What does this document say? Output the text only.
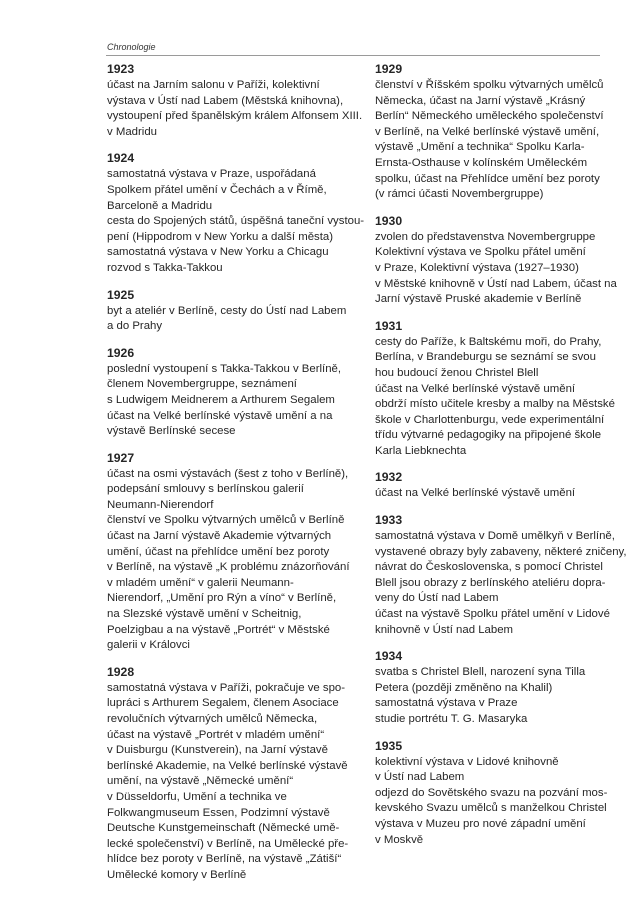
Chronologie
1923
účast na Jarním salonu v Paříži, kolektivní
výstava v Ústí nad Labem (Městská knihovna),
vystoupení před španělským králem Alfonsem XIII.
v Madridu
1924
samostatná výstava v Praze, uspořádaná
Spolkem přátel umění v Čechách a v Římě,
Barceloně a Madridu
cesta do Spojených států, úspěšná taneční vystou-
pení (Hippodrom v New Yorku a další města)
samostatná výstava v New Yorku a Chicagu
rozvod s Takka-Takkou
1925
byt a ateliér v Berlíně, cesty do Ústí nad Labem
a do Prahy
1926
poslední vystoupení s Takka-Takkou v Berlíně,
členem Novembergruppe, seznámení
s Ludwigem Meidnerem a Arthurem Segalem
účast na Velké berlínské výstavě umění a na
výstavě Berlínské secese
1927
účast na osmi výstavách (šest z toho v Berlíně),
podepsání smlouvy s berlínskou galerií
Neumann-Nierendorf
členství ve Spolku výtvarných umělců v Berlíně
účast na Jarní výstavě Akademie výtvarných
umění, účast na přehlídce umění bez poroty
v Berlíně, na výstavě „K problému znázorňování
v mladém umění“ v galerii Neumann-
Nierendorf, „Umění pro Rýn a víno“ v Berlíně,
na Slezské výstavě umění v Scheitnig,
Poelzigbau a na výstavě „Portrét“ v Městské
galerii v Královci
1928
samostatná výstava v Paříži, pokračuje ve spo-
lupráci s Arthurem Segalem, členem Asociace
revolučních výtvarných umělců Německa,
účast na výstavě „Portrét v mladém umění“
v Duisburgu (Kunstverein), na Jarní výstavě
berlínské Akademie, na Velké berlínské výstavě
umění, na výstavě „Německé umění“
v Düsseldorfu, Umění a technika ve
Folkwangmuseum Essen, Podzimní výstavě
Deutsche Kunstgemeinschaft (Německé umě-
lecké společenství) v Berlíně, na Umělecké pře-
hlídce bez poroty v Berlíně, na výstavě „Zátiší“
Umělecké komory v Berlíně
1929
členství v Říšském spolku výtvarných umělců
Německa, účast na Jarní výstavě „Krásný
Berlín“ Německého uměleckého společenství
v Berlíně, na Velké berlínské výstavě umění,
výstavě „Umění a technika“ Spolku Karla-
Ernsta-Osthause v kolínském Uměleckém
spolku, účast na Přehlídce umění bez poroty
(v rámci účasti Novembergruppe)
1930
zvolen do představenstva Novembergruppe
Kolektivní výstava ve Spolku přátel umění
v Praze, Kolektivní výstava (1927–1930)
v Městské knihovně v Ústí nad Labem, účast na
Jarní výstavě Pruské akademie v Berlíně
1931
cesty do Paříže, k Baltskému moři, do Prahy,
Berlína, v Brandeburgu se seznámí se svou
hou budoucí ženou Christel Blell
účast na Velké berlínské výstavě umění
obdrží místo učitele kresby a malby na Městské
škole v Charlottenburgu, vede experimentální
třídu výtvarné pedagogiky na připojené škole
Karla Liebknechta
1932
účast na Velké berlínské výstavě umění
1933
samostatná výstava v Domě umělkyň v Berlíně,
vystavené obrazy byly zabaveny, některé zničeny,
návrat do Československa, s pomocí Christel
Blell jsou obrazy z berlínského ateliéru dopra-
veny do Ústí nad Labem
účast na výstavě Spolku přátel umění v Lidové
knihovně v Ústí nad Labem
1934
svatba s Christel Blell, narození syna Tilla
Petera (později změněno na Khalil)
samostatná výstava v Praze
studie portrétu T. G. Masaryka
1935
kolektivní výstava v Lidové knihovně
v Ústí nad Labem
odjezd do Sovětského svazu na pozvání mos-
kevského Svazu umělců s manželkou Christel
výstava v Muzeu pro nové západní umění
v Moskvě
